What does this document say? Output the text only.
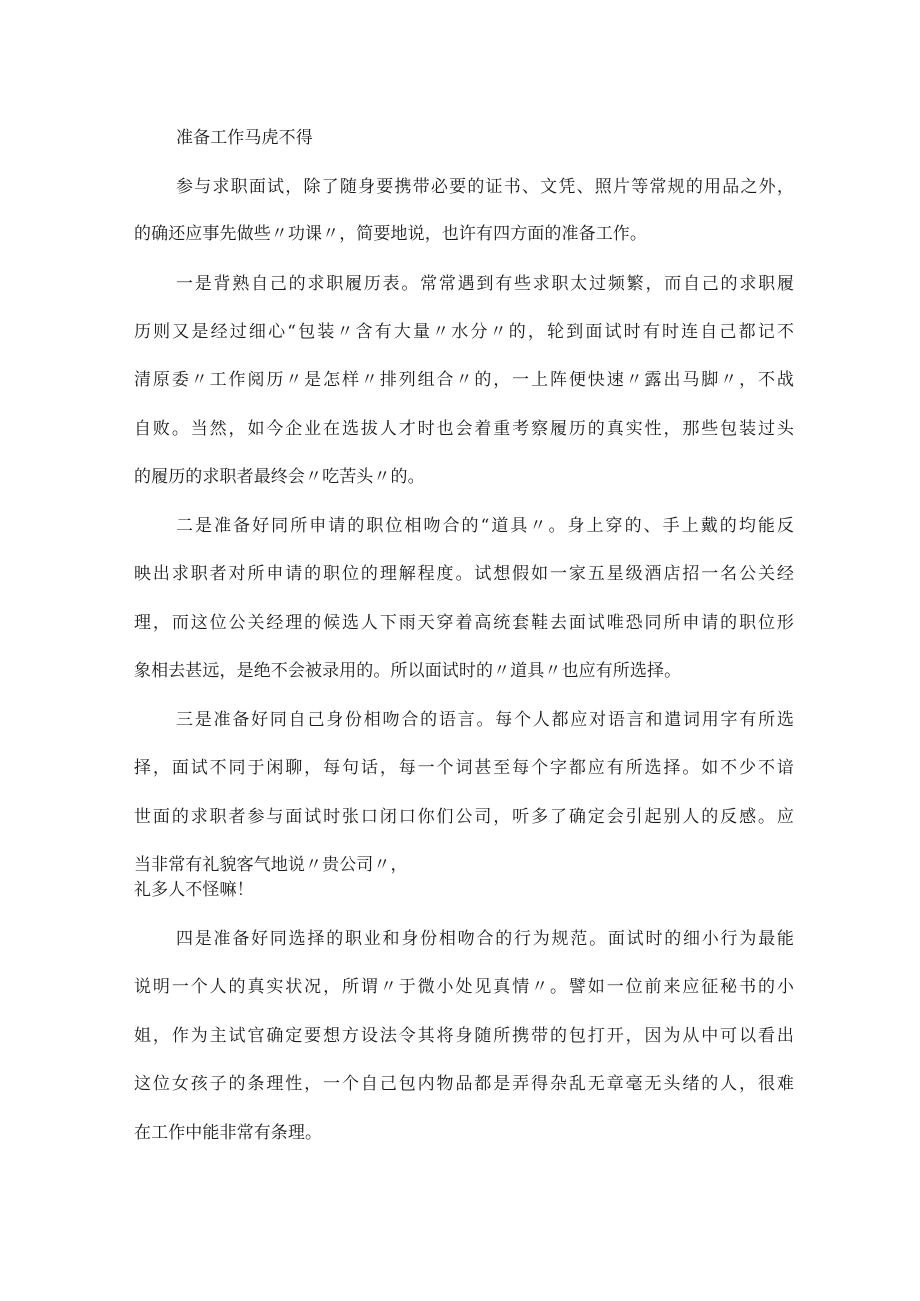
准备工作马虎不得
参与求职面试，除了随身要携带必要的证书、文凭、照片等常规的用品之外，
的确还应事先做些〃功课〃，简要地说，也许有四方面的准备工作。
一是背熟自己的求职履历表。常常遇到有些求职太过频繁，而自己的求职履
历则又是经过细心“包装〃含有大量〃水分〃的，轮到面试时有时连自己都记不
清原委〃工作阅历〃是怎样〃排列组合〃的，一上阵便快速〃露出马脚〃，不战
自败。当然，如今企业在选拔人才时也会着重考察履历的真实性，那些包装过头
的履历的求职者最终会〃吃苦头〃的。
二是准备好同所申请的职位相吻合的“道具〃。身上穿的、手上戴的均能反
映出求职者对所申请的职位的理解程度。试想假如一家五星级酒店招一名公关经
理，而这位公关经理的候选人下雨天穿着高统套鞋去面试唯恐同所申请的职位形
象相去甚远，是绝不会被录用的。所以面试时的〃道具〃也应有所选择。
三是准备好同自己身份相吻合的语言。每个人都应对语言和遣词用字有所选
择，面试不同于闲聊，每句话，每一个词甚至每个字都应有所选择。如不少不谙
世面的求职者参与面试时张口闭口你们公司，听多了确定会引起别人的反感。应
当非常有礼貌客气地说〃贵公司〃，
礼多人不怪嘛！
四是准备好同选择的职业和身份相吻合的行为规范。面试时的细小行为最能
说明一个人的真实状况，所谓〃于微小处见真情〃。譬如一位前来应征秘书的小
姐，作为主试官确定要想方设法令其将身随所携带的包打开，因为从中可以看出
这位女孩子的条理性，一个自己包内物品都是弄得杂乱无章毫无头绪的人，很难
在工作中能非常有条理。
